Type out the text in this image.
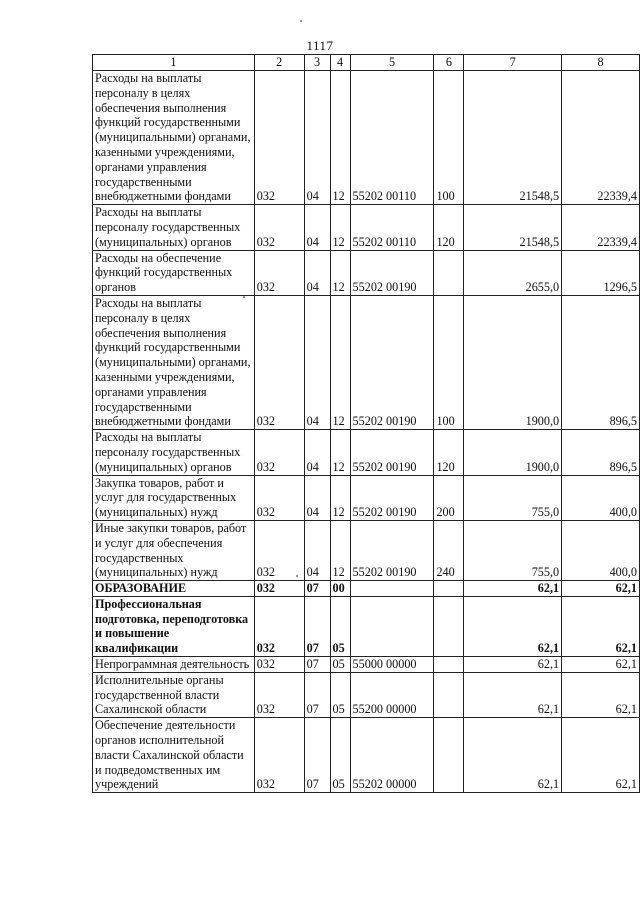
1117
1	2	3	4	5	6	7	8
Расходы на выплаты персоналу в целях обеспечения выполнения функций государственными (муниципальными) органами, казенными учреждениями, органами управления государственными внебюджетными фондами	032	04	12	55202 00110	100	21548,5	22339,4
Расходы на выплаты персоналу государственных (муниципальных) органов	032	04	12	55202 00110	120	21548,5	22339,4
Расходы на обеспечение функций государственных органов	032	04	12	55202 00190		2655,0	1296,5
Расходы на выплаты персоналу в целях обеспечения выполнения функций государственными (муниципальными) органами, казенными учреждениями, органами управления государственными внебюджетными фондами	032	04	12	55202 00190	100	1900,0	896,5
Расходы на выплаты персоналу государственных (муниципальных) органов	032	04	12	55202 00190	120	1900,0	896,5
Закупка товаров, работ и услуг для государственных (муниципальных) нужд	032	04	12	55202 00190	200	755,0	400,0
Иные закупки товаров, работ и услуг для обеспечения государственных (муниципальных) нужд	032	04	12	55202 00190	240	755,0	400,0
ОБРАЗОВАНИЕ	032	07	00			62,1	62,1
Профессиональная подготовка, переподготовка и повышение квалификации	032	07	05			62,1	62,1
Непрограммная деятельность	032	07	05	55000 00000		62,1	62,1
Исполнительные органы государственной власти Сахалинской области	032	07	05	55200 00000		62,1	62,1
Обеспечение деятельности органов исполнительной власти Сахалинской области и подведомственных им учреждений	032	07	05	55202 00000		62,1	62,1
